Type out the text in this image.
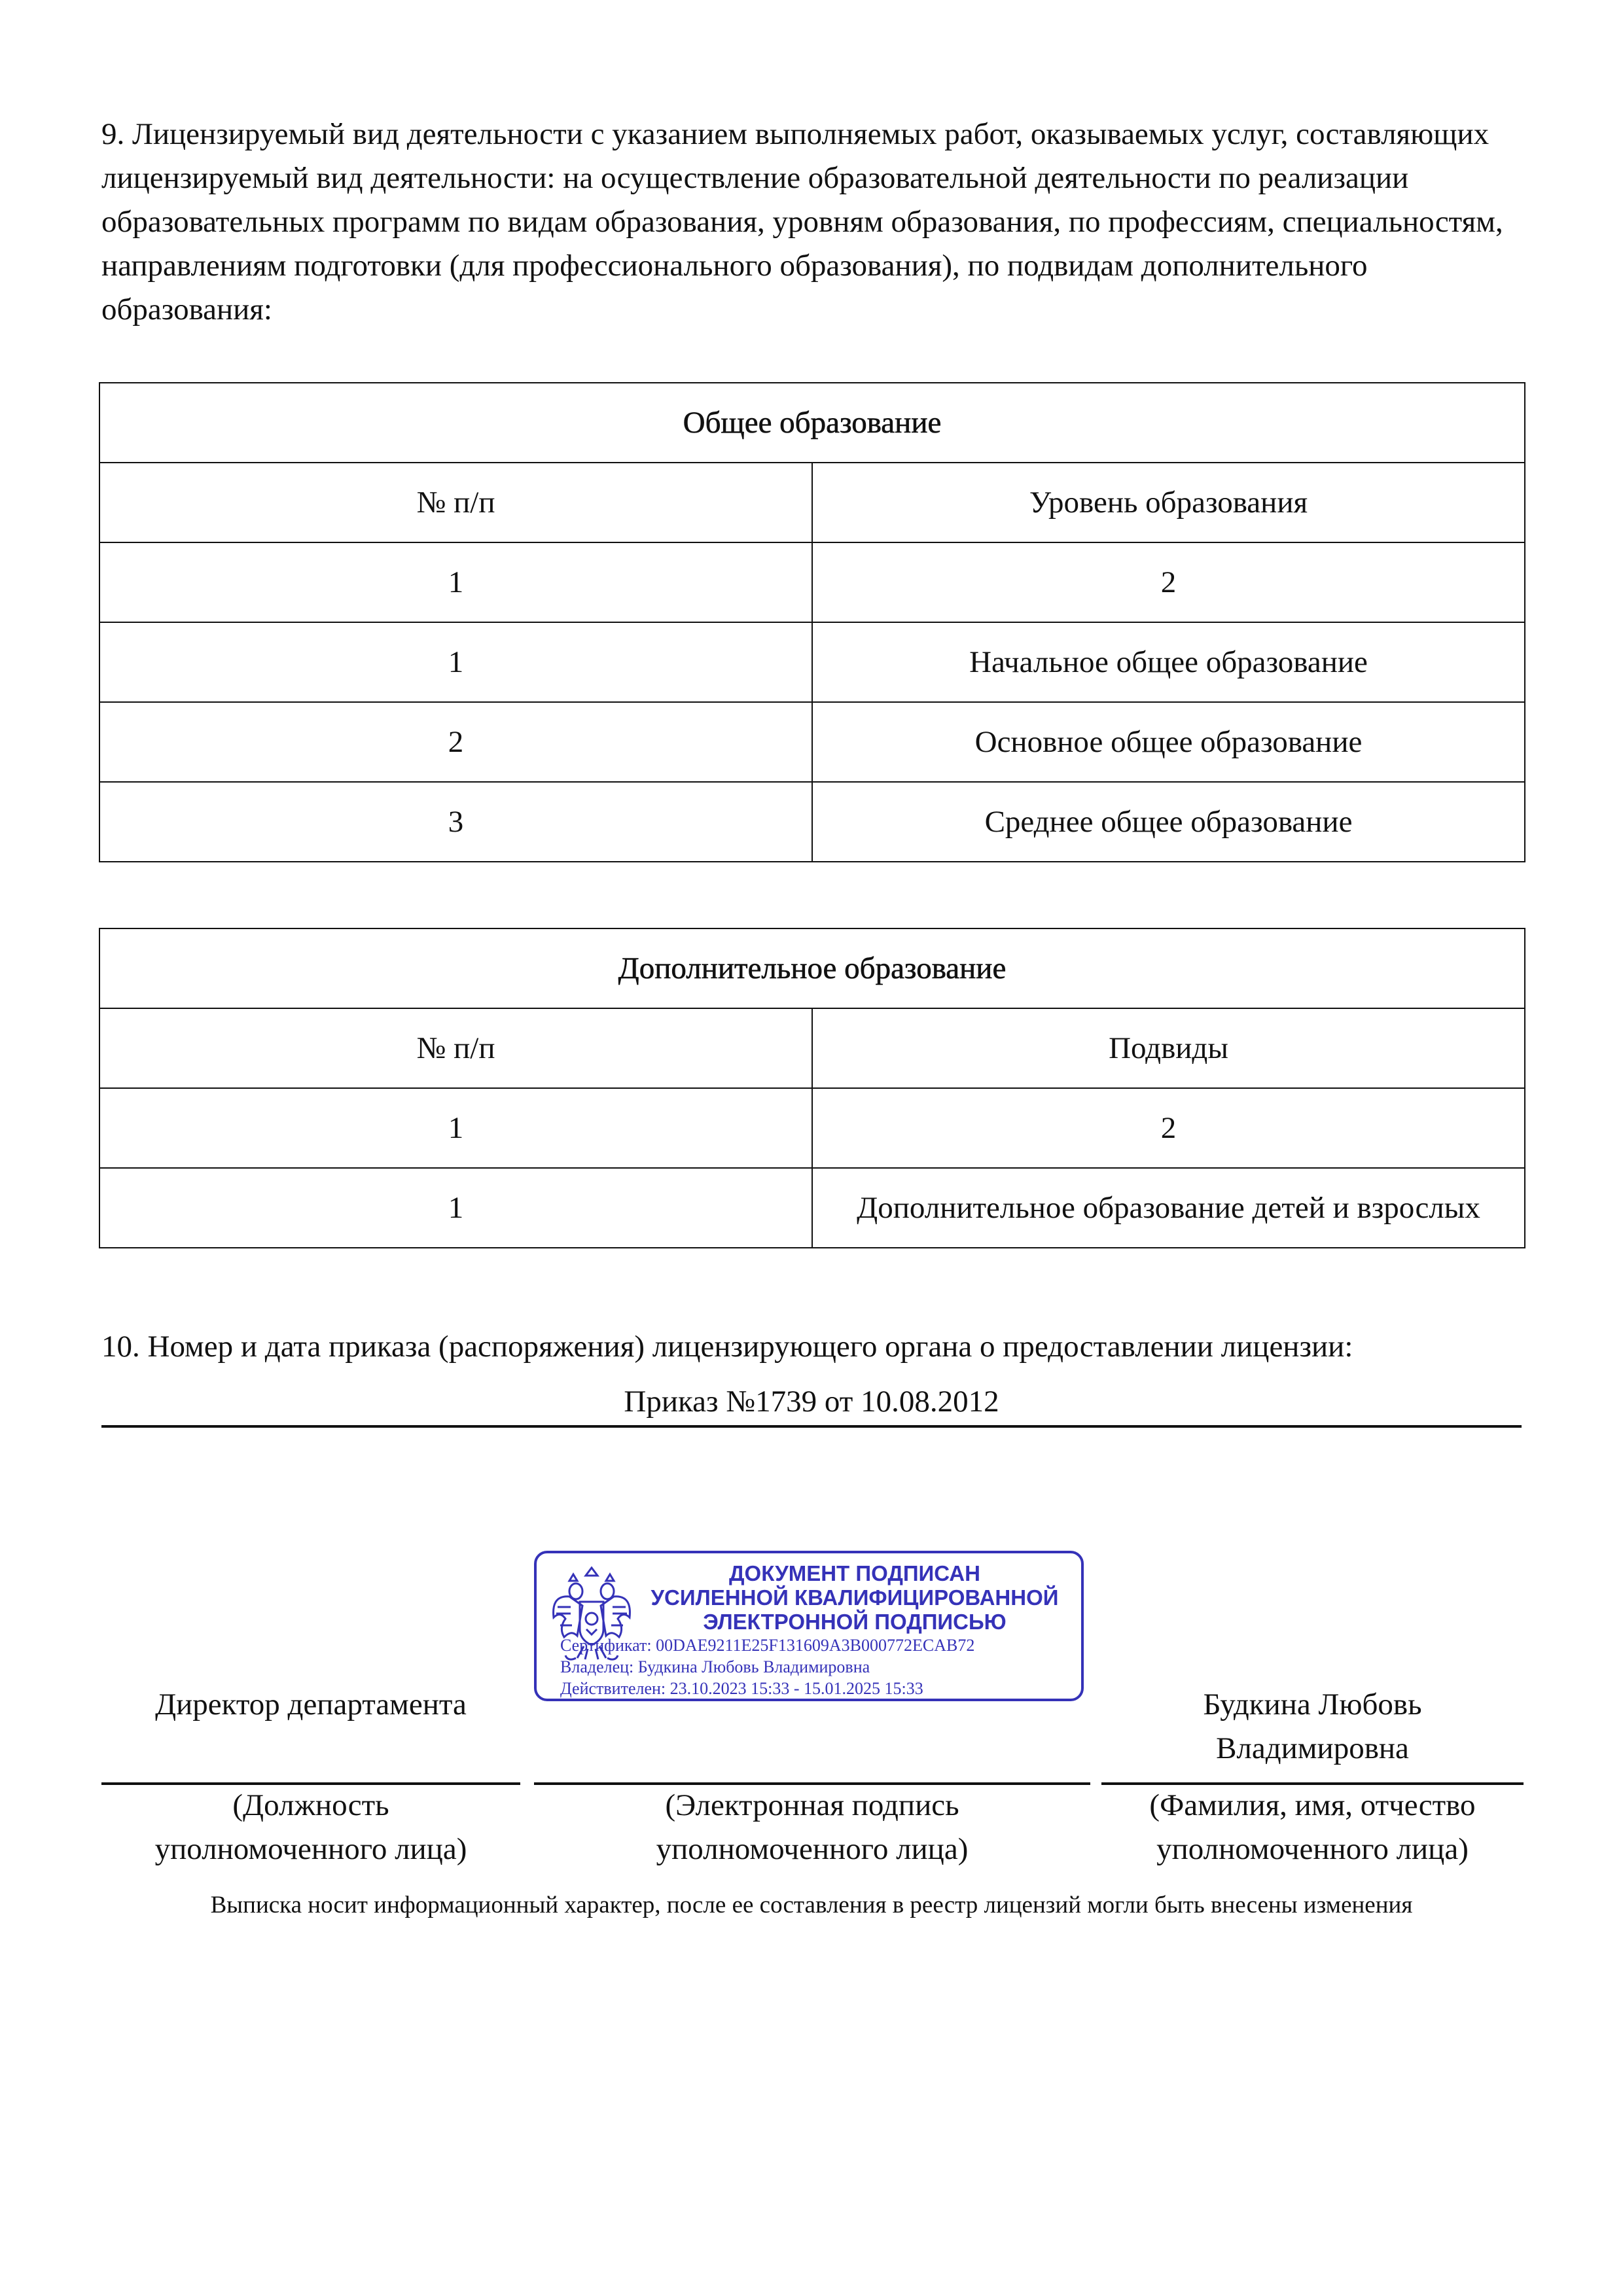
9. Лицензируемый вид деятельности с указанием выполняемых работ, оказываемых услуг, составляющих лицензируемый вид деятельности: на осуществление образовательной деятельности по реализации образовательных программ по видам образования, уровням образования, по профессиям, специальностям, направлениям подготовки (для профессионального образования), по подвидам дополнительного образования:
Общее образование	
№ п/п	Уровень образования
1	2
1	Начальное общее образование
2	Основное общее образование
3	Среднее общее образование
Дополнительное образование	
№ п/п	Подвиды
1	2
1	Дополнительное образование детей и взрослых
10. Номер и дата приказа (распоряжения) лицензирующего органа о предоставлении лицензии:
Приказ №1739 от 10.08.2012
ДОКУМЕНТ ПОДПИСАН
УСИЛЕННОЙ КВАЛИФИЦИРОВАННОЙ
ЭЛЕКТРОННОЙ ПОДПИСЬЮ
Сертификат: 00DAE9211E25F131609A3B000772ECAB72
Владелец: Будкина Любовь Владимировна
Действителен: 23.10.2023 15:33 - 15.01.2025 15:33
Директор департамента	Будкина Любовь
Владимировна
(Должность
уполномоченного лица)
(Электронная подпись
уполномоченного лица)
(Фамилия, имя, отчество
уполномоченного лица)
Выписка носит информационный характер, после ее составления в реестр лицензий могли быть внесены изменения
